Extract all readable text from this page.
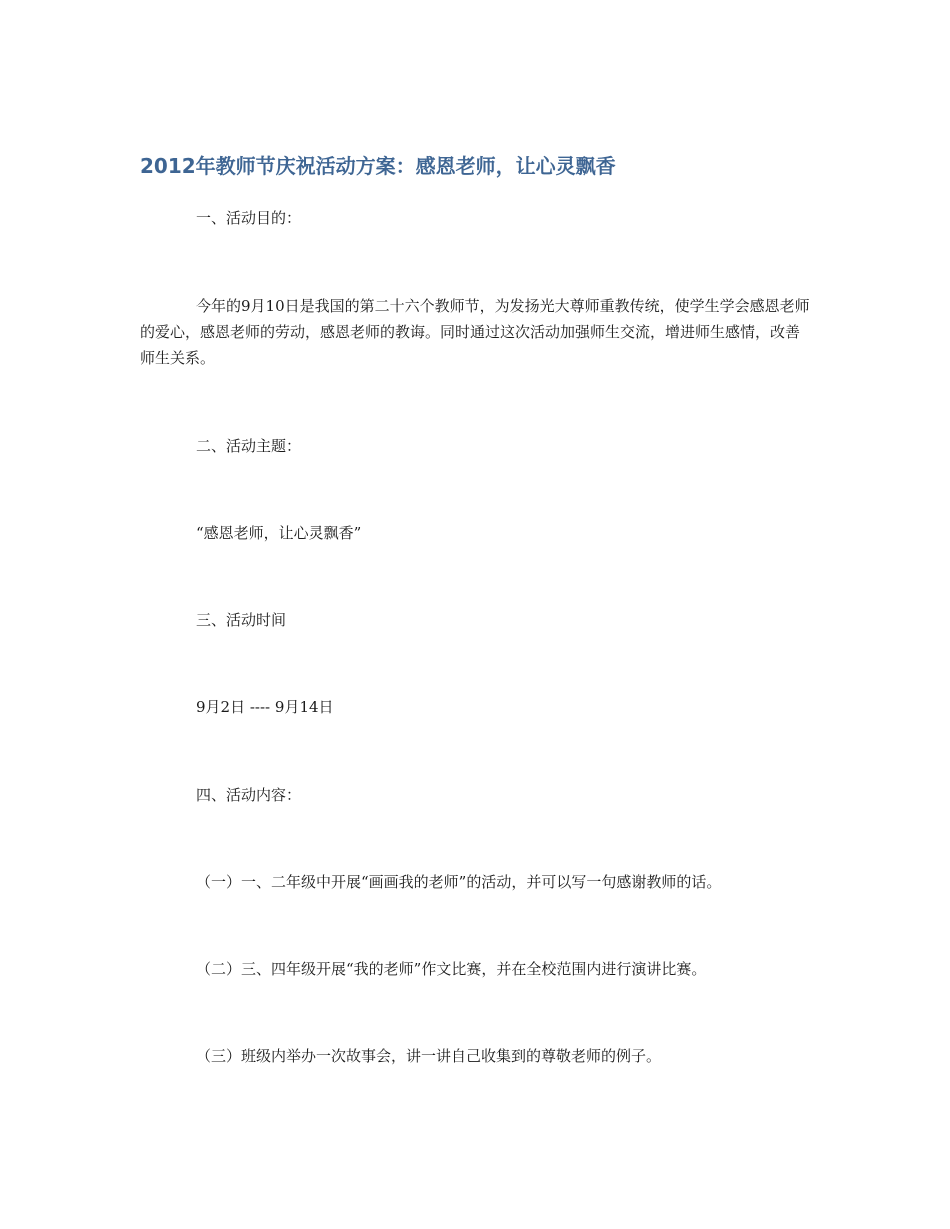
2012年教师节庆祝活动方案：感恩老师，让心灵飘香

一、活动目的：

今年的9月10日是我国的第二十六个教师节，为发扬光大尊师重教传统，使学生学会感恩老师的爱心，感恩老师的劳动，感恩老师的教诲。同时通过这次活动加强师生交流，增进师生感情，改善师生关系。

二、活动主题：

“感恩老师，让心灵飘香”

三、活动时间

9月2日 ---- 9月14日

四、活动内容：

（一）一、二年级中开展“画画我的老师”的活动，并可以写一句感谢教师的话。

（二）三、四年级开展“我的老师”作文比赛，并在全校范围内进行演讲比赛。

（三）班级内举办一次故事会，讲一讲自己收集到的尊敬老师的例子。
